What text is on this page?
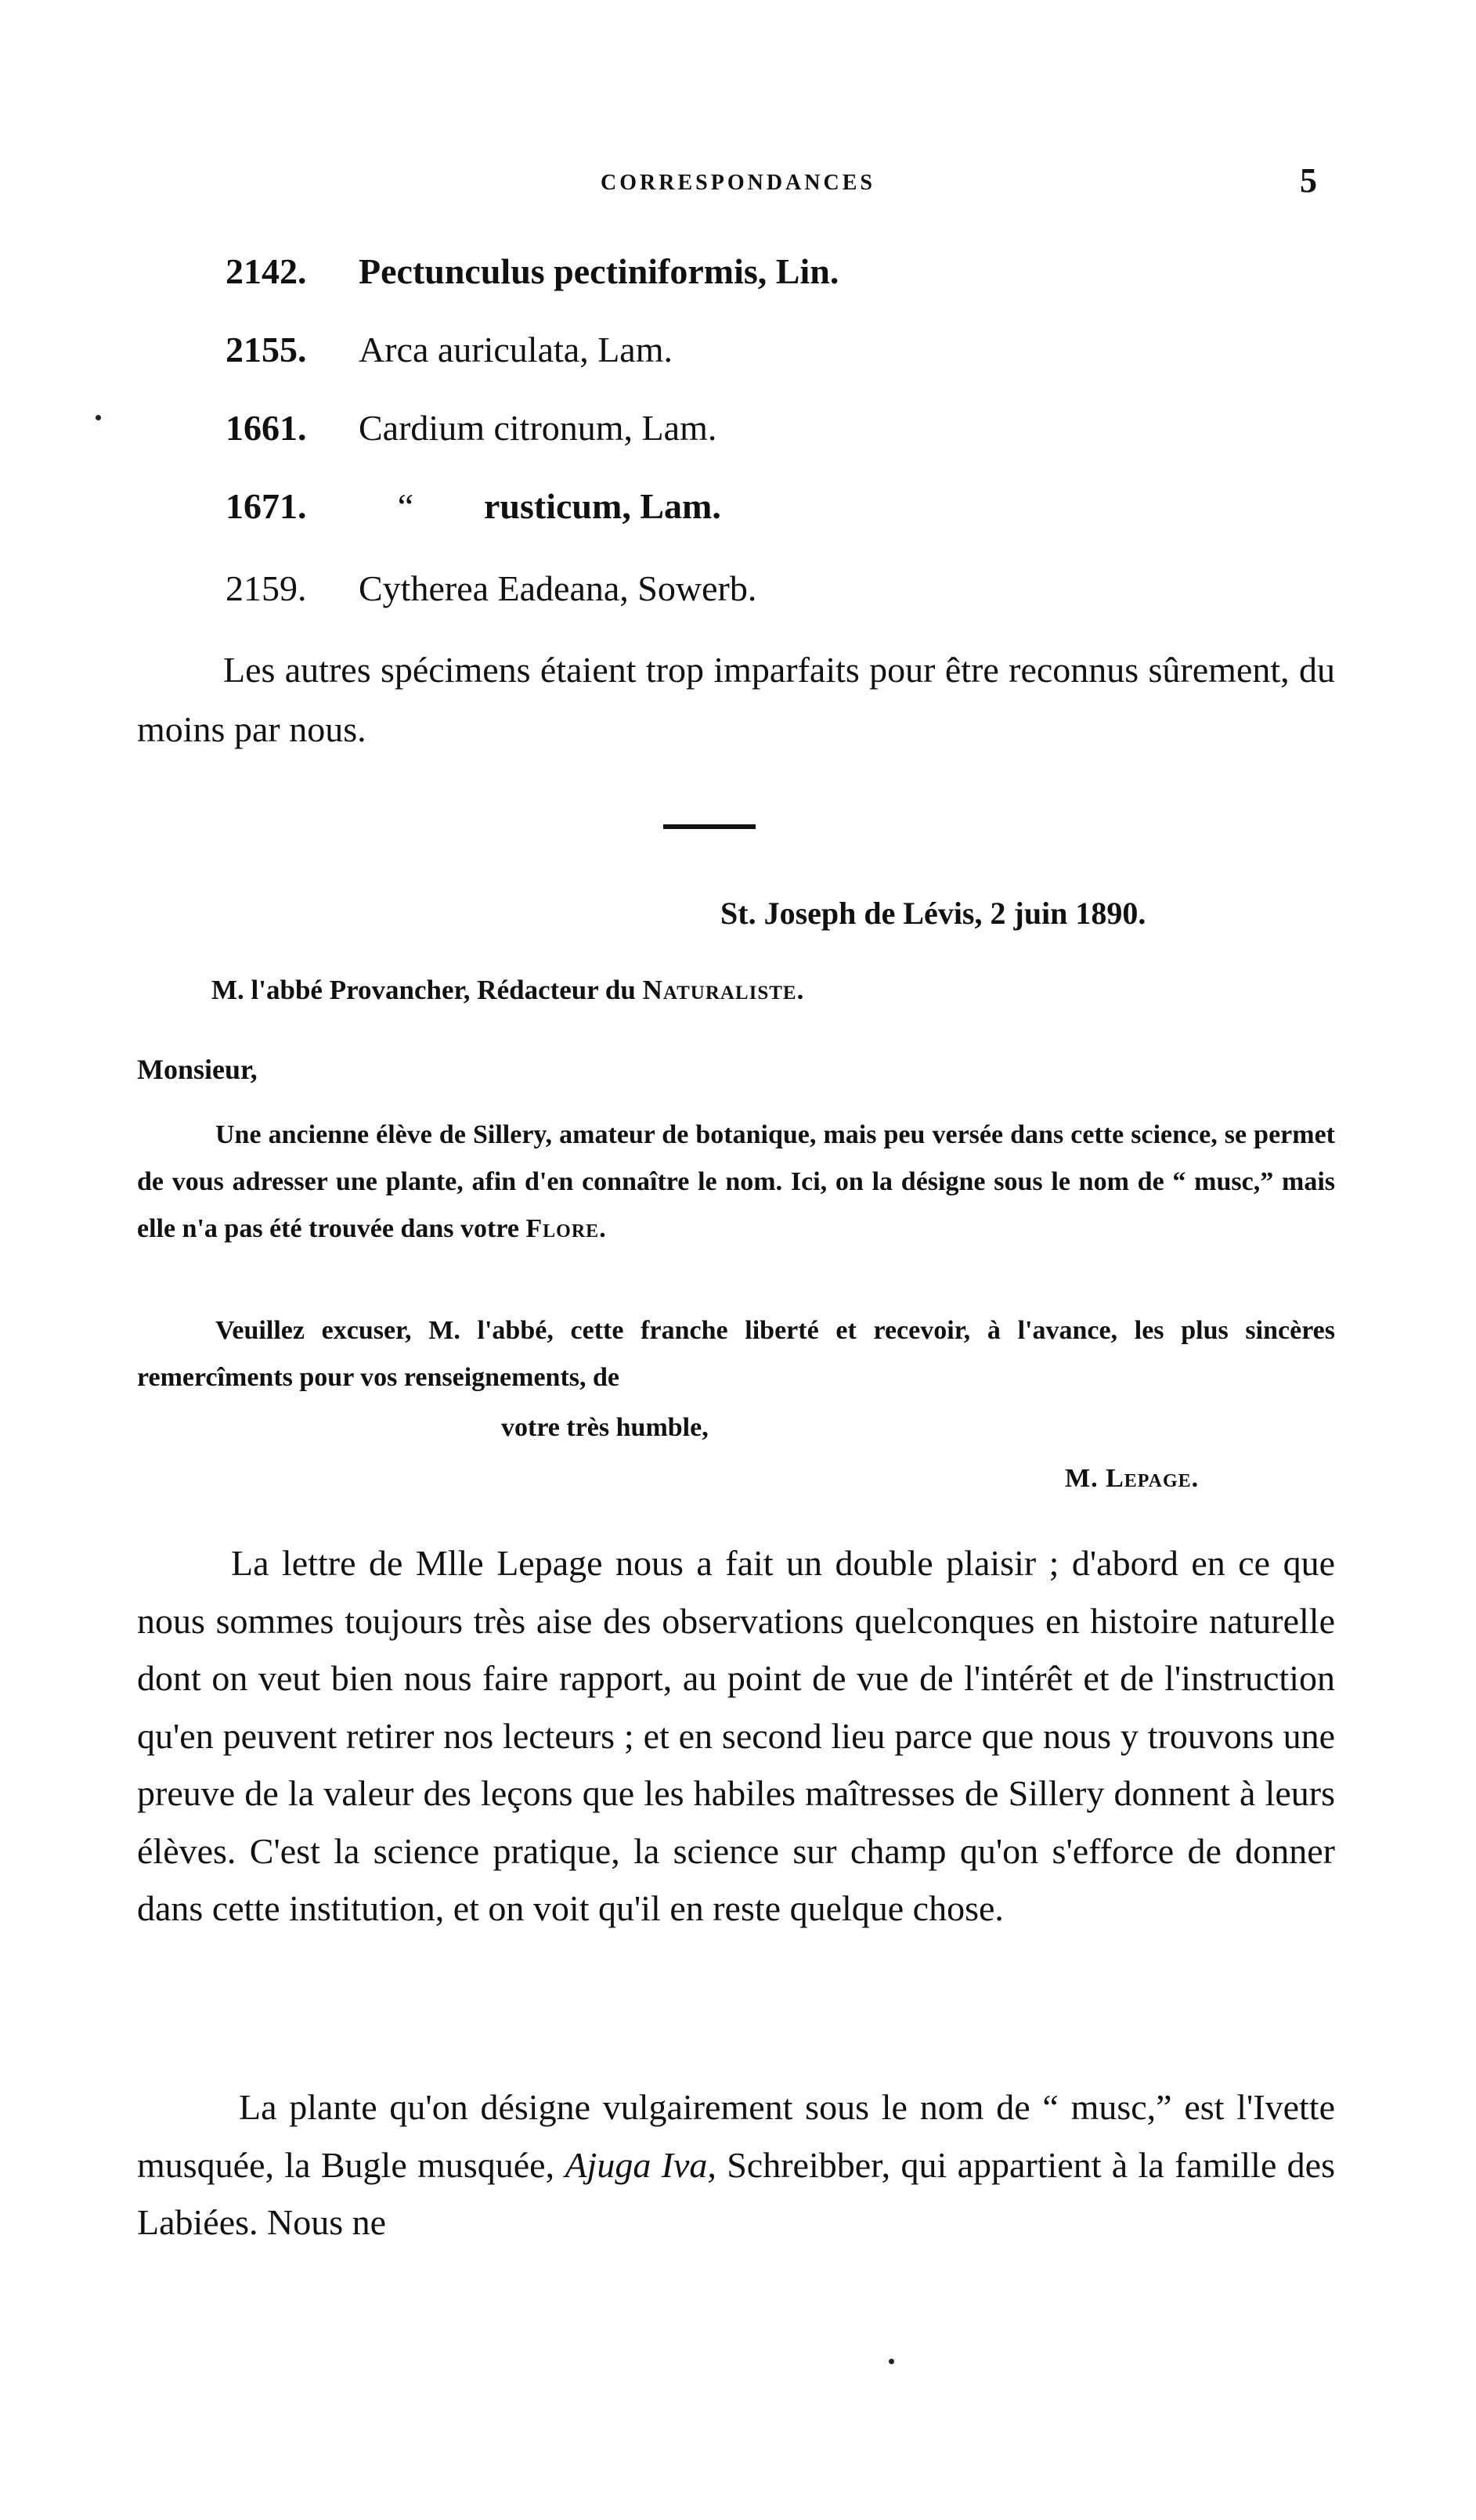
CORRESPONDANCES	5
2142. Pectunculus pectiniformis, Lin.
2155. Arca auriculata, Lam.
1661. Cardium citronum, Lam.
1671.	“ rusticum, Lam.
2159. Cytherea Eadeana, Sowerb.
Les autres spécimens étaient trop imparfaits pour être reconnus sûrement, du moins par nous.
St. Joseph de Lévis, 2 juin 1890.
M. l'abbé Provancher, Rédacteur du Naturaliste.
Monsieur,
Une ancienne élève de Sillery, amateur de botanique, mais peu versée dans cette science, se permet de vous adresser une plante, afin d'en connaître le nom. Ici, on la désigne sous le nom de “ musc,” mais elle n'a pas été trouvée dans votre Flore.
Veuillez excuser, M. l'abbé, cette franche liberté et recevoir, à l'avance, les plus sincères remercîments pour vos renseignements, de
votre très humble,
M. Lepage.
La lettre de Mlle Lepage nous a fait un double plaisir ; d'abord en ce que nous sommes toujours très aise des observations quelconques en histoire naturelle dont on veut bien nous faire rapport, au point de vue de l'intérêt et de l'instruction qu'en peuvent retirer nos lecteurs ; et en second lieu parce que nous y trouvons une preuve de la valeur des leçons que les habiles maîtresses de Sillery donnent à leurs élèves. C'est la science pratique, la science sur champ qu'on s'efforce de donner dans cette institution, et on voit qu'il en reste quelque chose.
La plante qu'on désigne vulgairement sous le nom de “ musc,” est l'Ivette musquée, la Bugle musquée, Ajuga Iva, Schreibber, qui appartient à la famille des Labiées. Nous ne
